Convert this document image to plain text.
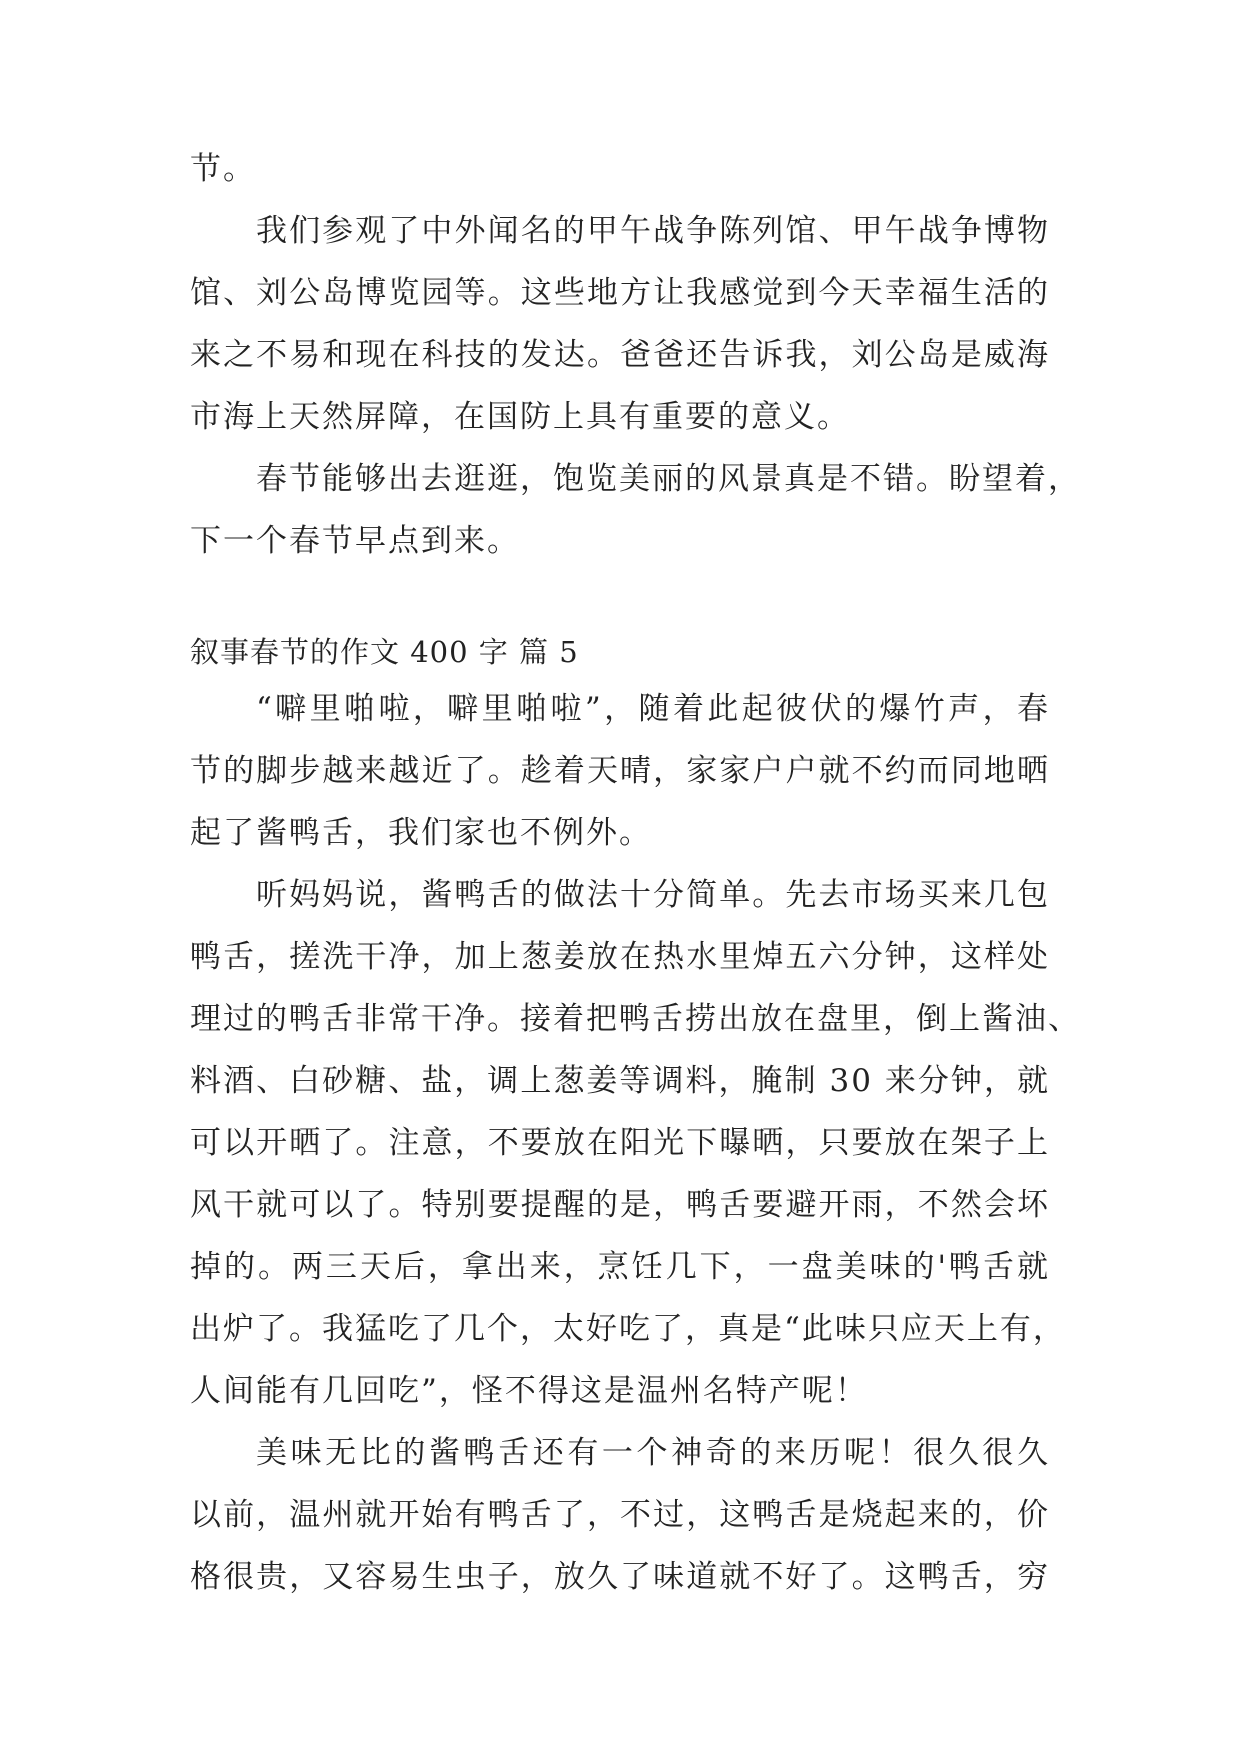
节。
我们参观了中外闻名的甲午战争陈列馆、甲午战争博物
馆、刘公岛博览园等。这些地方让我感觉到今天幸福生活的
来之不易和现在科技的发达。爸爸还告诉我，刘公岛是威海
市海上天然屏障，在国防上具有重要的意义。
春节能够出去逛逛，饱览美丽的风景真是不错。盼望着，
下一个春节早点到来。
叙事春节的作文 400 字 篇 5
“噼里啪啦，噼里啪啦”，随着此起彼伏的爆竹声，春
节的脚步越来越近了。趁着天晴，家家户户就不约而同地晒
起了酱鸭舌，我们家也不例外。
听妈妈说，酱鸭舌的做法十分简单。先去市场买来几包
鸭舌，搓洗干净，加上葱姜放在热水里焯五六分钟，这样处
理过的鸭舌非常干净。接着把鸭舌捞出放在盘里，倒上酱油、
料酒、白砂糖、盐，调上葱姜等调料，腌制 30 来分钟，就
可以开晒了。注意，不要放在阳光下曝晒，只要放在架子上
风干就可以了。特别要提醒的是，鸭舌要避开雨，不然会坏
掉的。两三天后，拿出来，烹饪几下，一盘美味的'鸭舌就
出炉了。我猛吃了几个，太好吃了，真是“此味只应天上有，
人间能有几回吃”，怪不得这是温州名特产呢！
美味无比的酱鸭舌还有一个神奇的来历呢！很久很久
以前，温州就开始有鸭舌了，不过，这鸭舌是烧起来的，价
格很贵，又容易生虫子，放久了味道就不好了。这鸭舌，穷
